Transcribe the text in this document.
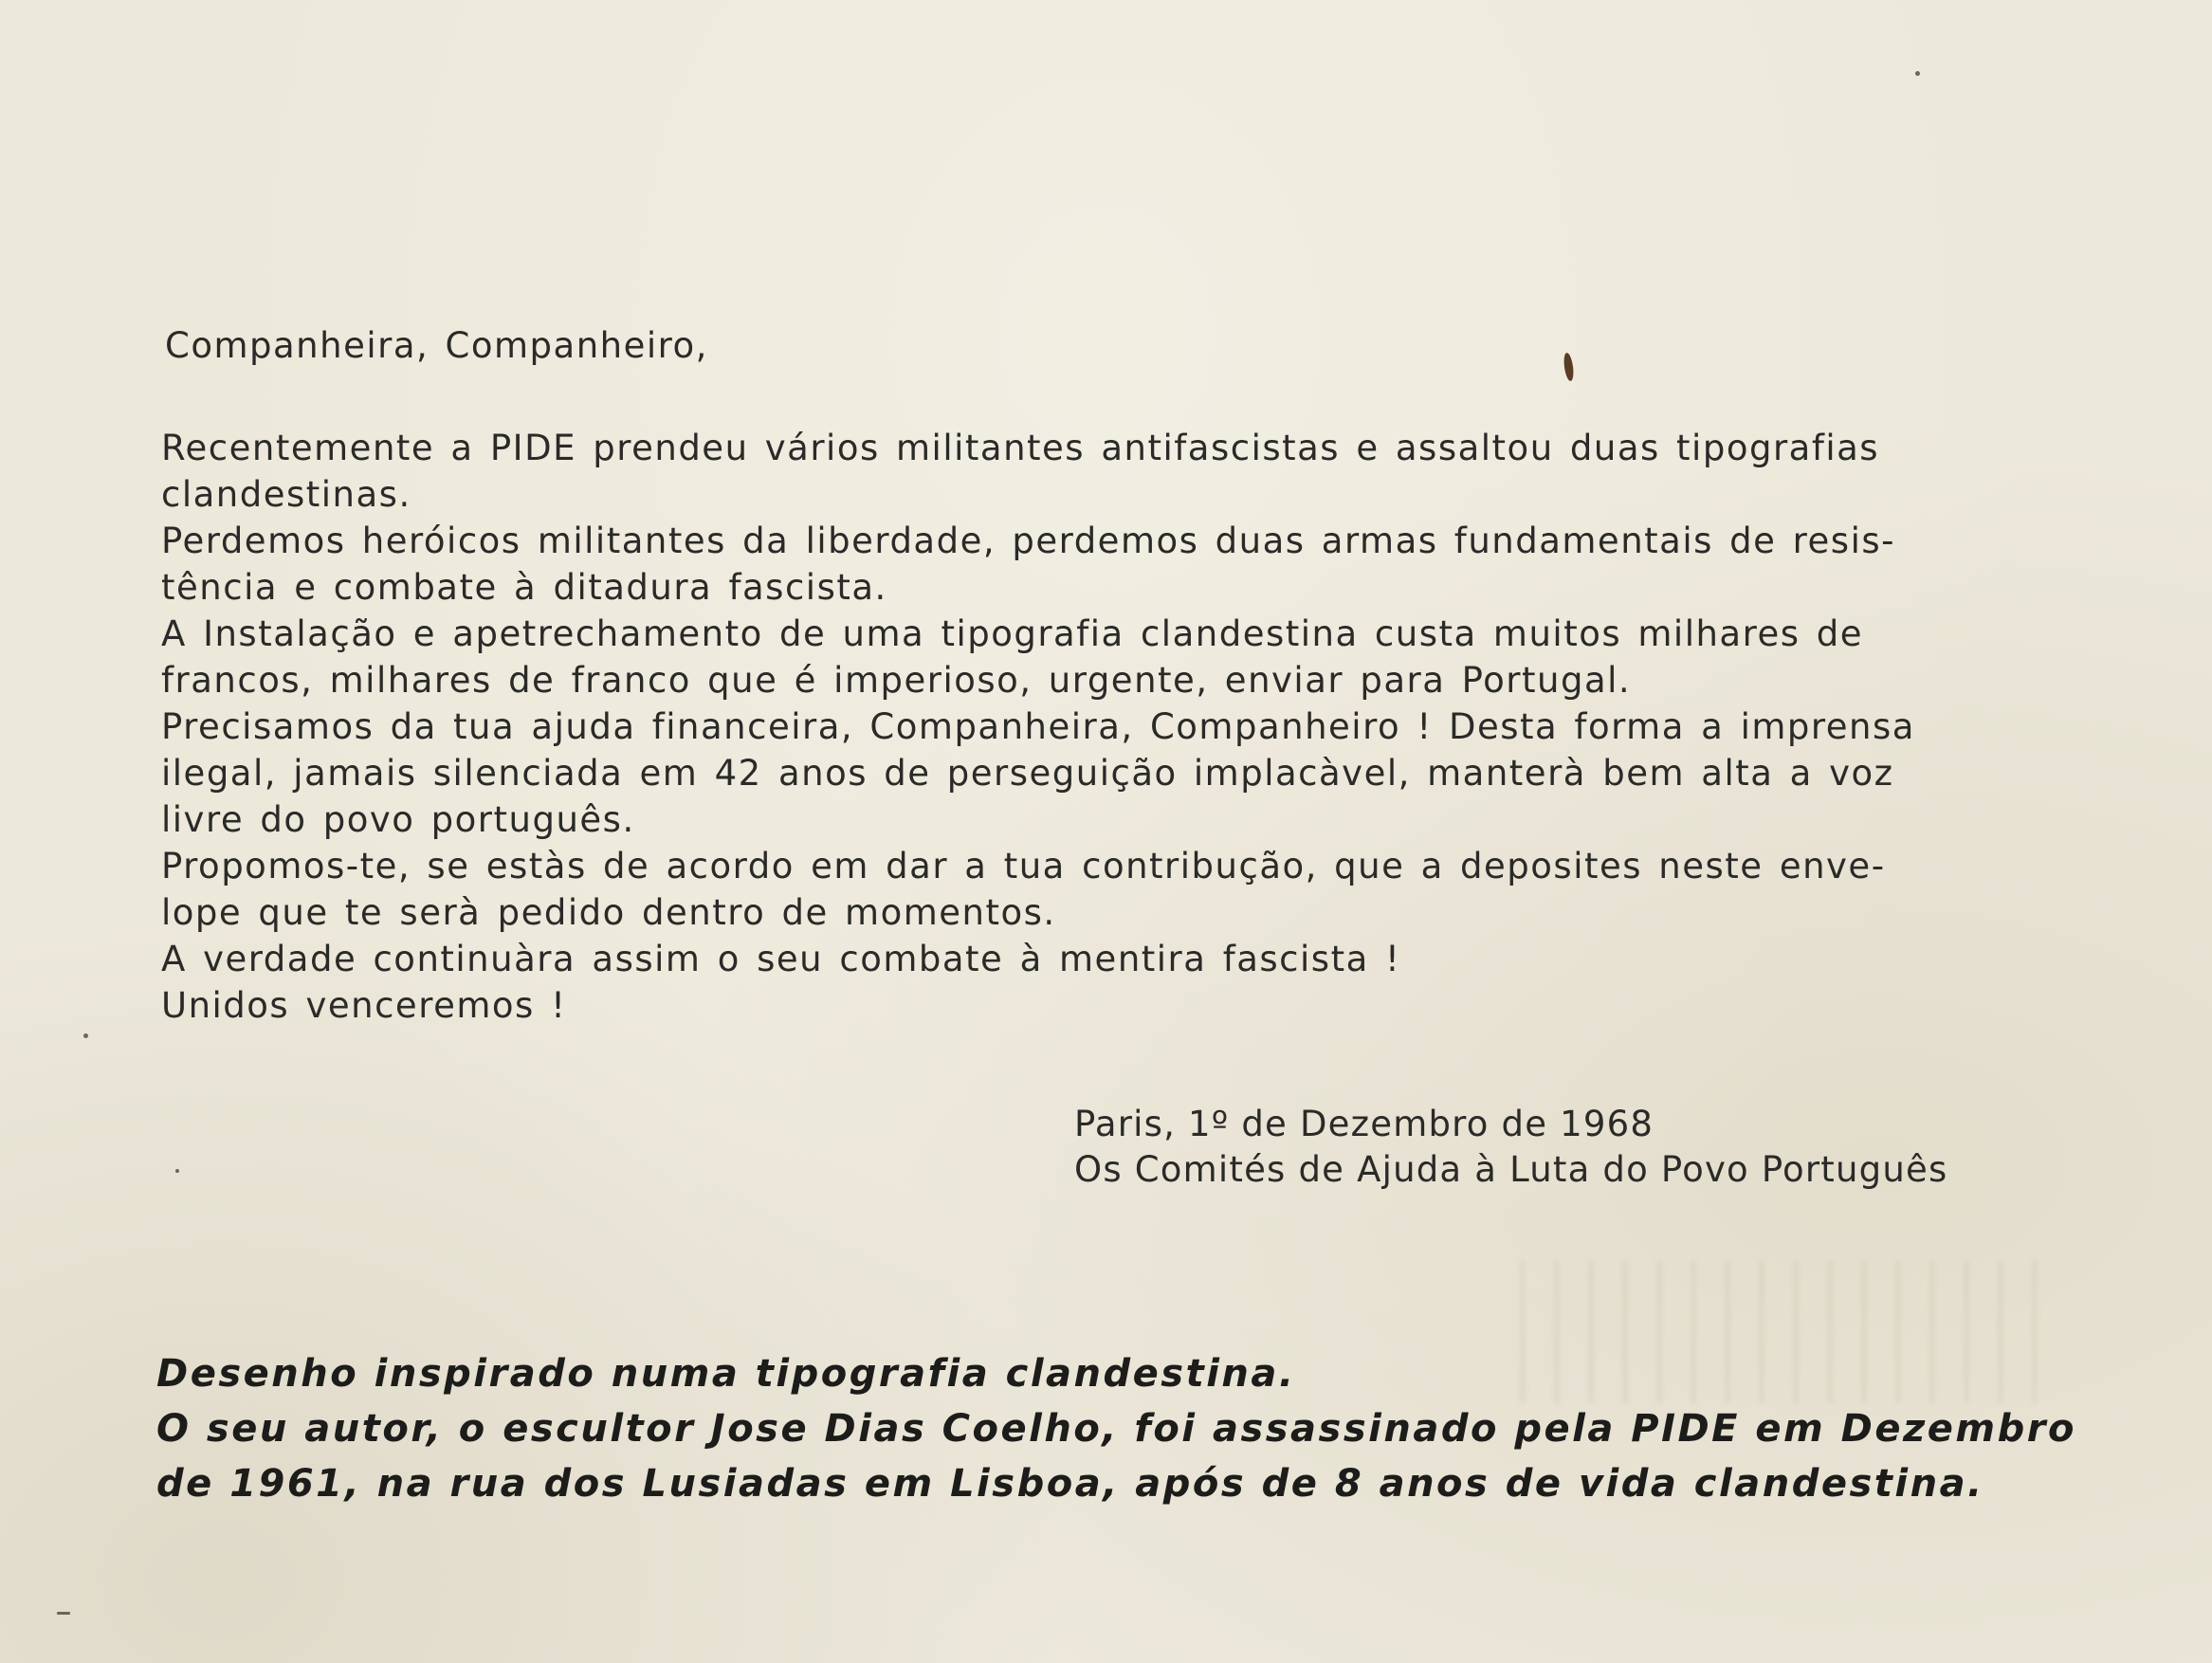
Companheira, Companheiro,
Recentemente a PIDE prendeu vários militantes antifascistas e assaltou duas tipografias
clandestinas.
Perdemos heróicos militantes da liberdade, perdemos duas armas fundamentais de resis-
tência e combate à ditadura fascista.
A Instalação e apetrechamento de uma tipografia clandestina custa muitos milhares de
francos, milhares de franco que é imperioso, urgente, enviar para Portugal.
Precisamos da tua ajuda financeira, Companheira, Companheiro ! Desta forma a imprensa
ilegal, jamais silenciada em 42 anos de perseguição implacàvel, manterà bem alta a voz
livre do povo português.
Propomos-te, se estàs de acordo em dar a tua contribução, que a deposites neste enve-
lope que te serà pedido dentro de momentos.
A verdade continuàra assim o seu combate à mentira fascista !
Unidos venceremos !
Paris, 1º de Dezembro de 1968
Os Comités de Ajuda à Luta do Povo Português
Desenho inspirado numa tipografia clandestina.
O seu autor, o escultor Jose Dias Coelho, foi assassinado pela PIDE em Dezembro
de 1961, na rua dos Lusiadas em Lisboa, após de 8 anos de vida clandestina.
